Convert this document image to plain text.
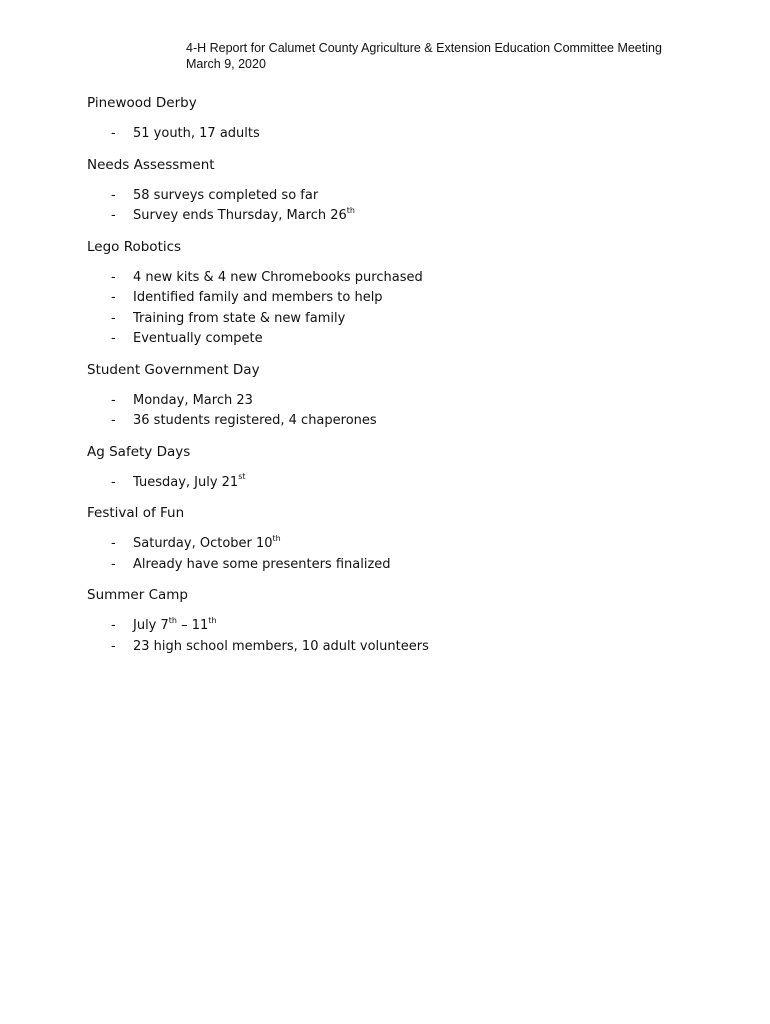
4-H Report for Calumet County Agriculture & Extension Education Committee Meeting
March 9, 2020
Pinewood Derby
-	51 youth, 17 adults
Needs Assessment
-	58 surveys completed so far
-	Survey ends Thursday, March 26th
Lego Robotics
-	4 new kits & 4 new Chromebooks purchased
-	Identified family and members to help
-	Training from state & new family
-	Eventually compete
Student Government Day
-	Monday, March 23
-	36 students registered, 4 chaperones
Ag Safety Days
-	Tuesday, July 21st
Festival of Fun
-	Saturday, October 10th
-	Already have some presenters finalized
Summer Camp
-	July 7th – 11th
-	23 high school members, 10 adult volunteers
